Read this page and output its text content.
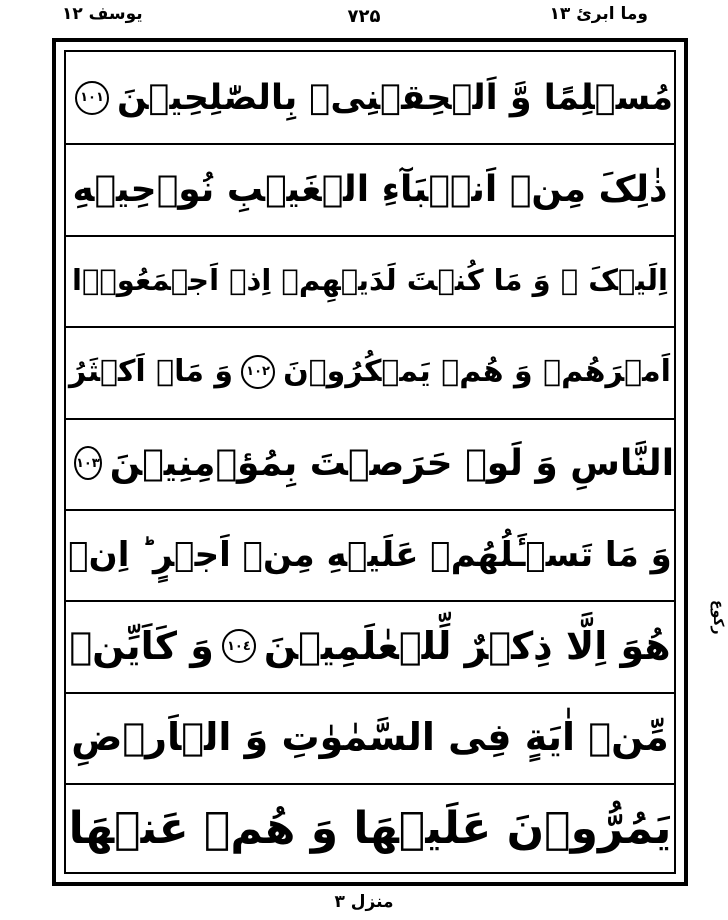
يوسف ١٢	٧٢۵	وما ابرئ ١٣
مُسۡلِمًا وَّ اَلۡحِقۡنِیۡ بِالصّٰلِحِیۡنَ
١٠١
ذٰلِکَ مِنۡ اَنۡۢبَآءِ الۡغَیۡبِ نُوۡحِیۡهِ
اِلَیۡکَ ۚ وَ مَا کُنۡتَ لَدَیۡهِمۡ اِذۡ اَجۡمَعُوۡۤا
اَمۡرَهُمۡ وَ هُمۡ یَمۡکُرُوۡنَ
١٠٢
وَ مَاۤ اَکۡثَرُ
النَّاسِ وَ لَوۡ حَرَصۡتَ بِمُؤۡمِنِیۡنَ
١٠٣
وَ مَا تَسۡـَٔلُهُمۡ عَلَیۡهِ مِنۡ اَجۡرٍ ؕ اِنۡ
هُوَ اِلَّا ذِکۡرٌ لِّلۡعٰلَمِیۡنَ
١٠٤
وَ کَاَیِّنۡ
مِّنۡ اٰیَةٍ فِی السَّمٰوٰتِ وَ الۡاَرۡضِ
یَمُرُّوۡنَ عَلَیۡهَا وَ هُمۡ عَنۡهَا
ركوع
منزل ٣
